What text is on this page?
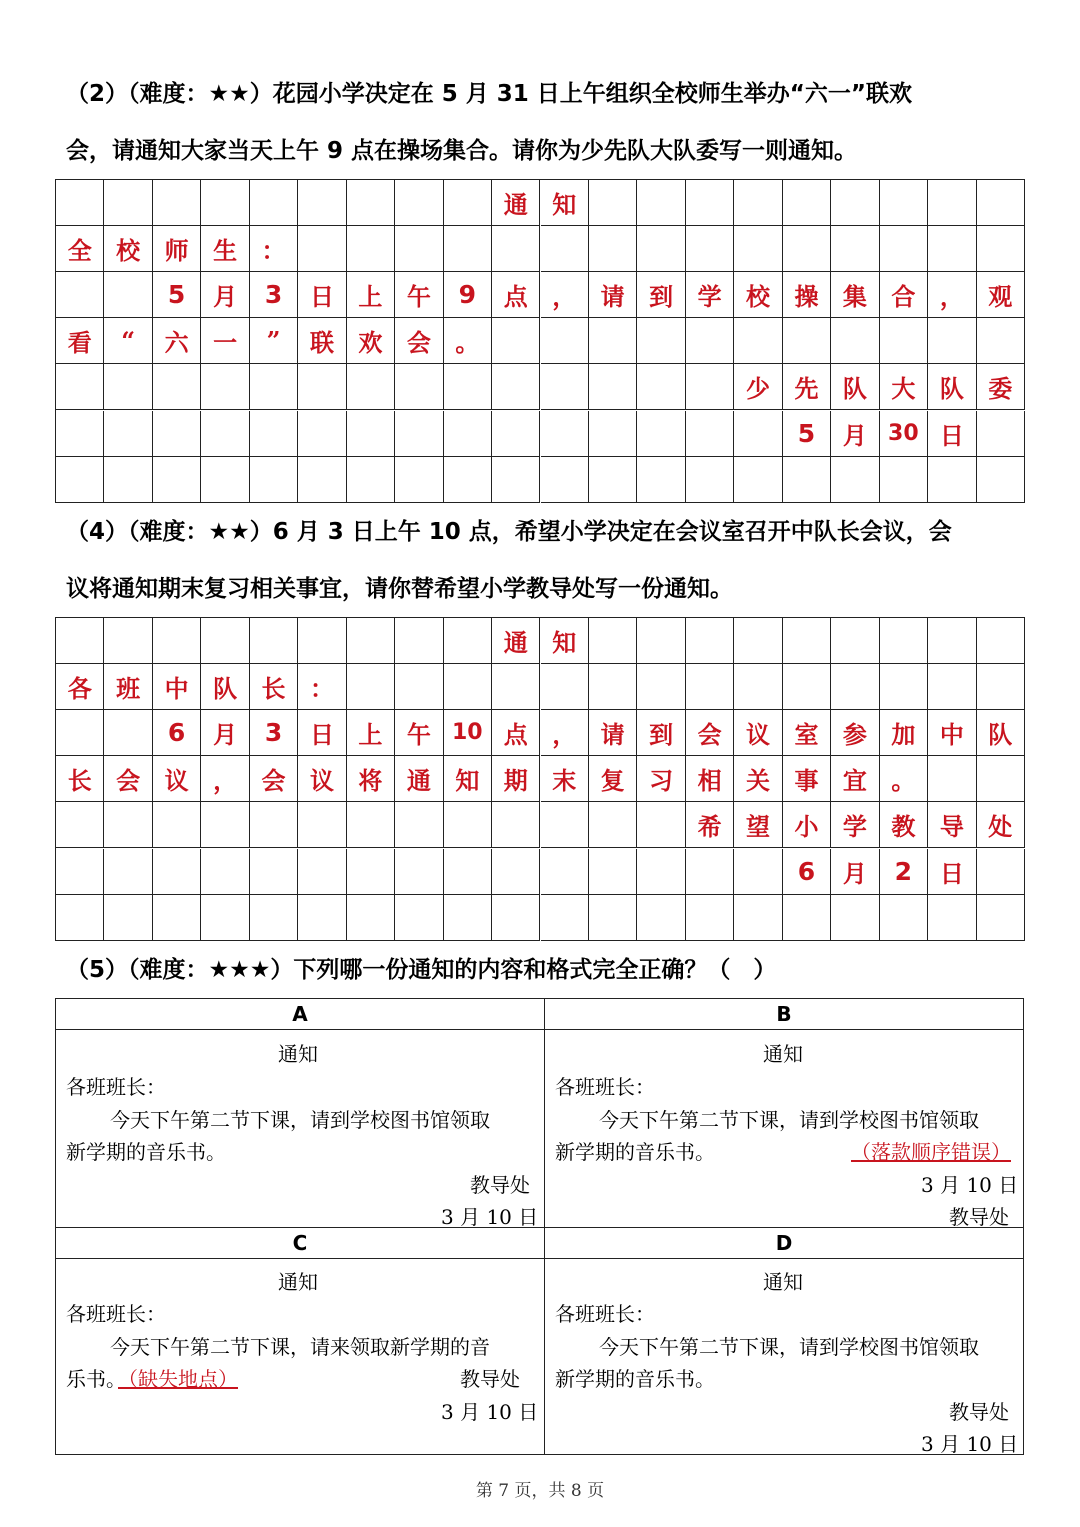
（2）（难度：★★）花园小学决定在 5 月 31 日上午组织全校师生举办“六一”联欢
会，请通知大家当天上午 9 点在操场集合。请你为少先队大队委写一则通知。
通	知
全	校	师	生	：
5	月	3	日	上	午	9	点	，	请	到	学	校	操	集	合	，	观
看	“	六	一	”	联	欢	会	。
少	先	队	大	队	委
5	月 30 日
（4）（难度：★★）6 月 3 日上午 10 点，希望小学决定在会议室召开中队长会议，会
议将通知期末复习相关事宜，请你替希望小学教导处写一份通知。
通	知
各	班	中	队	长	：
6	月	3	日	上	午 10 点	，	请	到	会	议	室	参	加	中	队
长	会	议	，	会	议	将	通	知	期	末	复	习	相	关	事	宜	。
希	望	小	学	教	导	处
6	月	2	日
（5）（难度：★★★）下列哪一份通知的内容和格式完全正确？（　）
A
通知
各班班长：
今天下午第二节下课，请到学校图书馆领取
新学期的音乐书。
教导处
3 月 10 日
B
通知
各班班长：
今天下午第二节下课，请到学校图书馆领取
新学期的音乐书。	（落款顺序错误）
3 月 10 日
教导处
C
通知
各班班长：
今天下午第二节下课，请来领取新学期的音
乐书。
（缺失地点）	教导处
3 月 10 日
D
通知
各班班长：
今天下午第二节下课，请到学校图书馆领取
新学期的音乐书。
教导处
3 月 10 日
第 7 页，共 8 页
